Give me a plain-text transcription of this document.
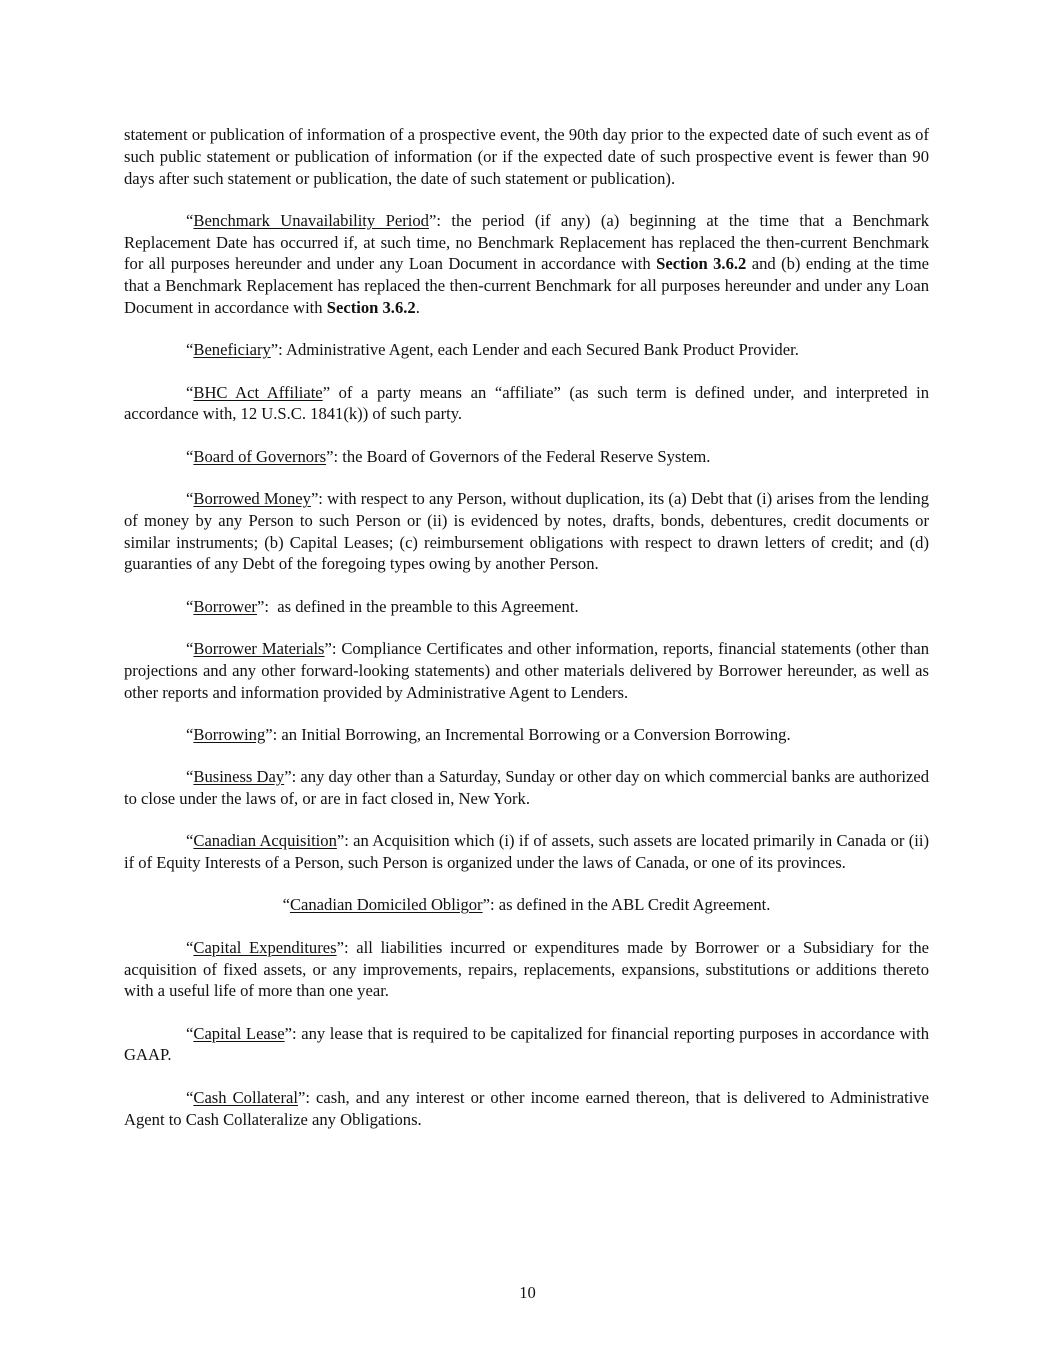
statement or publication of information of a prospective event, the 90th day prior to the expected date of such event as of such public statement or publication of information (or if the expected date of such prospective event is fewer than 90 days after such statement or publication, the date of such statement or publication).

“Benchmark Unavailability Period”: the period (if any) (a) beginning at the time that a Benchmark Replacement Date has occurred if, at such time, no Benchmark Replacement has replaced the then-current Benchmark for all purposes hereunder and under any Loan Document in accordance with Section 3.6.2 and (b) ending at the time that a Benchmark Replacement has replaced the then-current Benchmark for all purposes hereunder and under any Loan Document in accordance with Section 3.6.2.

“Beneficiary”: Administrative Agent, each Lender and each Secured Bank Product Provider.

“BHC Act Affiliate” of a party means an “affiliate” (as such term is defined under, and interpreted in accordance with, 12 U.S.C. 1841(k)) of such party.

“Board of Governors”: the Board of Governors of the Federal Reserve System.

“Borrowed Money”: with respect to any Person, without duplication, its (a) Debt that (i) arises from the lending of money by any Person to such Person or (ii) is evidenced by notes, drafts, bonds, debentures, credit documents or similar instruments; (b) Capital Leases; (c) reimbursement obligations with respect to drawn letters of credit; and (d) guaranties of any Debt of the foregoing types owing by another Person.

“Borrower”:  as defined in the preamble to this Agreement.

“Borrower Materials”: Compliance Certificates and other information, reports, financial statements (other than projections and any other forward-looking statements) and other materials delivered by Borrower hereunder, as well as other reports and information provided by Administrative Agent to Lenders.

“Borrowing”: an Initial Borrowing, an Incremental Borrowing or a Conversion Borrowing.

“Business Day”: any day other than a Saturday, Sunday or other day on which commercial banks are authorized to close under the laws of, or are in fact closed in, New York.

“Canadian Acquisition”: an Acquisition which (i) if of assets, such assets are located primarily in Canada or (ii) if of Equity Interests of a Person, such Person is organized under the laws of Canada, or one of its provinces.

“Canadian Domiciled Obligor”: as defined in the ABL Credit Agreement.

“Capital Expenditures”: all liabilities incurred or expenditures made by Borrower or a Subsidiary for the acquisition of fixed assets, or any improvements, repairs, replacements, expansions, substitutions or additions thereto with a useful life of more than one year.

“Capital Lease”: any lease that is required to be capitalized for financial reporting purposes in accordance with GAAP.

“Cash Collateral”: cash, and any interest or other income earned thereon, that is delivered to Administrative Agent to Cash Collateralize any Obligations.

10
